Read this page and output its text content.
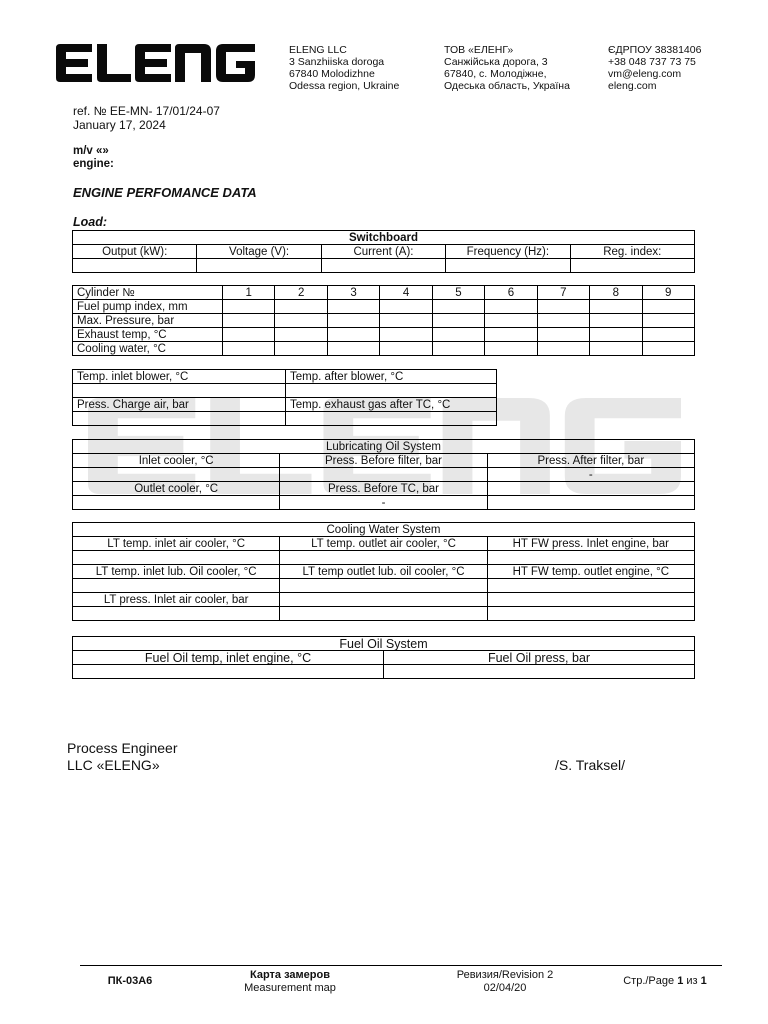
ELENG LLC
3 Sanzhiiska doroga
67840 Molodizhne
Odessa region, Ukraine
ТОВ «ЕЛЕНГ»
Санжійська дорога, 3
67840, с. Молодіжне,
Одеська область, Україна
ЄДРПОУ 38381406
+38 048 737 73 75
vm@eleng.com
eleng.com
ref. № EE-MN- 17/01/24-07
January 17, 2024
m/v «»
engine:
ENGINE PERFOMANCE DATA
Load:
Switchboard				
Output (kW):	Voltage (V):	Current (A):	Frequency (Hz):	Reg. index:

Cylinder №	1	2	3	4	5	6	7	8	9
Fuel pump index, mm									
Max. Pressure, bar									
Exhaust temp, °C									
Cooling water, °C									
Temp. inlet blower, °C	Temp. after blower, °C

Press. Charge air, bar	Temp. exhaust gas after TC, °C

Lubricating Oil System		
Inlet cooler, °C	Press. Before filter, bar	Press. After filter, bar
		-
Outlet cooler, °C	Press. Before TC, bar	
	-	
Cooling Water System		
LT temp. inlet air cooler, °C	LT temp. outlet air cooler, °C	HT FW press. Inlet engine, bar

LT temp. inlet lub. Oil cooler, °C	LT temp outlet lub. oil cooler, °C	HT FW temp. outlet engine, °C

LT press. Inlet air cooler, bar		

Fuel Oil System	
Fuel Oil temp, inlet engine, °C	Fuel Oil press, bar

Process Engineer
LLC «ELENG»	/S. Traksel/
ПК-03А6	Карта замеров
Measurement map
Ревизия/Revision 2
02/04/20
Стр./Page 1 из 1
